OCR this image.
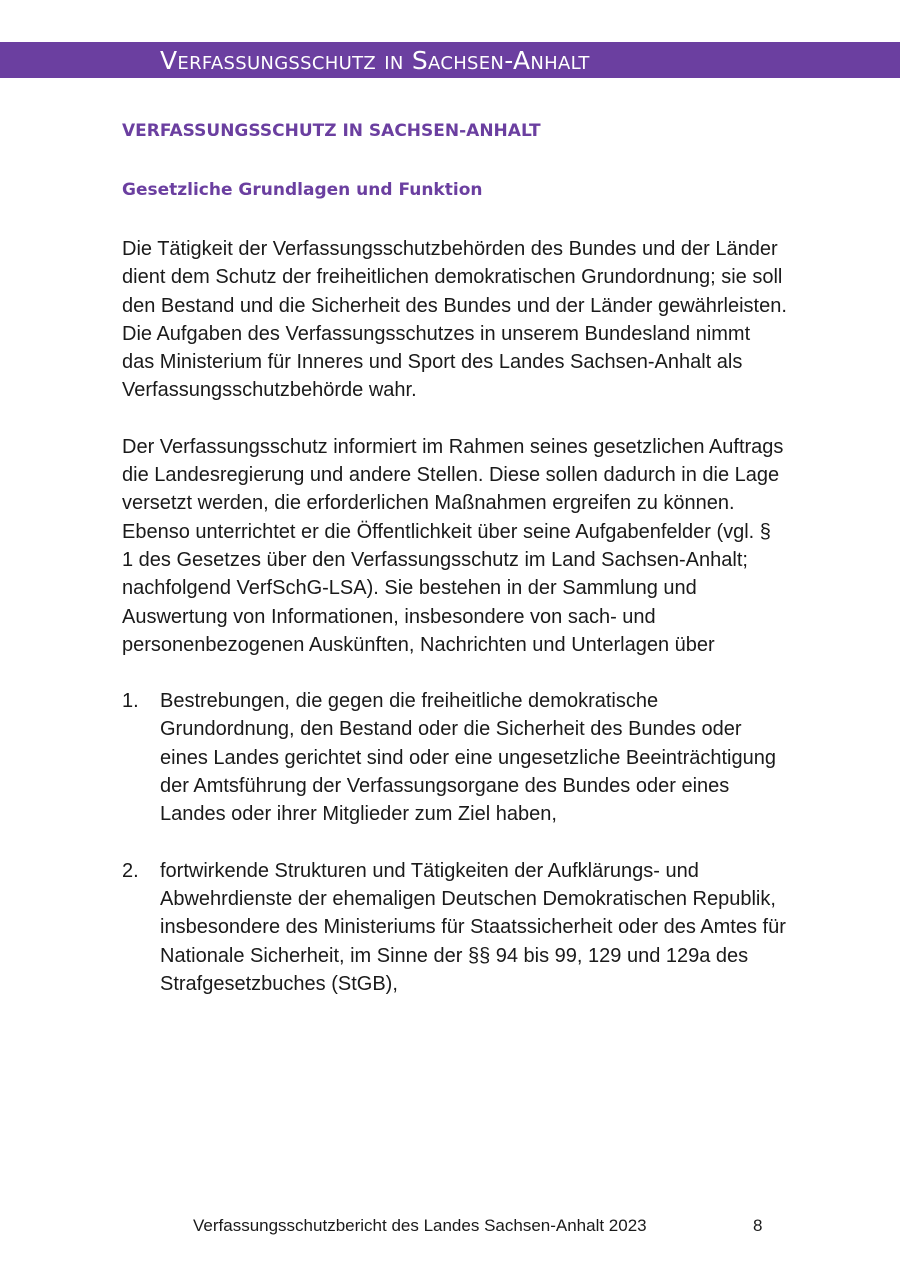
Verfassungsschutz in Sachsen-Anhalt
VERFASSUNGSSCHUTZ IN SACHSEN-ANHALT
Gesetzliche Grundlagen und Funktion

Die Tätigkeit der Verfassungsschutzbehörden des Bundes und der Länder dient dem Schutz der freiheitlichen demokratischen Grundordnung; sie soll den Bestand und die Sicherheit des Bundes und der Länder gewährleisten. Die Aufgaben des Verfassungsschutzes in unserem Bundesland nimmt das Ministerium für Inneres und Sport des Landes Sachsen-Anhalt als Verfassungsschutzbehörde wahr.

Der Verfassungsschutz informiert im Rahmen seines gesetzlichen Auftrags die Landesregierung und andere Stellen. Diese sollen dadurch in die Lage versetzt werden, die erforderlichen Maßnahmen ergreifen zu können. Ebenso unterrichtet er die Öffentlichkeit über seine Aufgabenfelder (vgl. § 1 des Gesetzes über den Verfassungsschutz im Land Sachsen-Anhalt; nachfolgend VerfSchG-LSA). Sie bestehen in der Sammlung und Auswertung von Informationen, insbesondere von sach- und personenbezogenen Auskünften, Nachrichten und Unterlagen über

1. Bestrebungen, die gegen die freiheitliche demokratische Grundordnung, den Bestand oder die Sicherheit des Bundes oder eines Landes gerichtet sind oder eine ungesetzliche Beeinträchtigung der Amtsführung der Verfassungsorgane des Bundes oder eines Landes oder ihrer Mitglieder zum Ziel haben,
2. fortwirkende Strukturen und Tätigkeiten der Aufklärungs- und Abwehrdienste der ehemaligen Deutschen Demokratischen Republik, insbesondere des Ministeriums für Staatssicherheit oder des Amtes für Nationale Sicherheit, im Sinne der §§ 94 bis 99, 129 und 129a des Strafgesetzbuches (StGB),

Verfassungsschutzbericht des Landes Sachsen-Anhalt 2023	8
